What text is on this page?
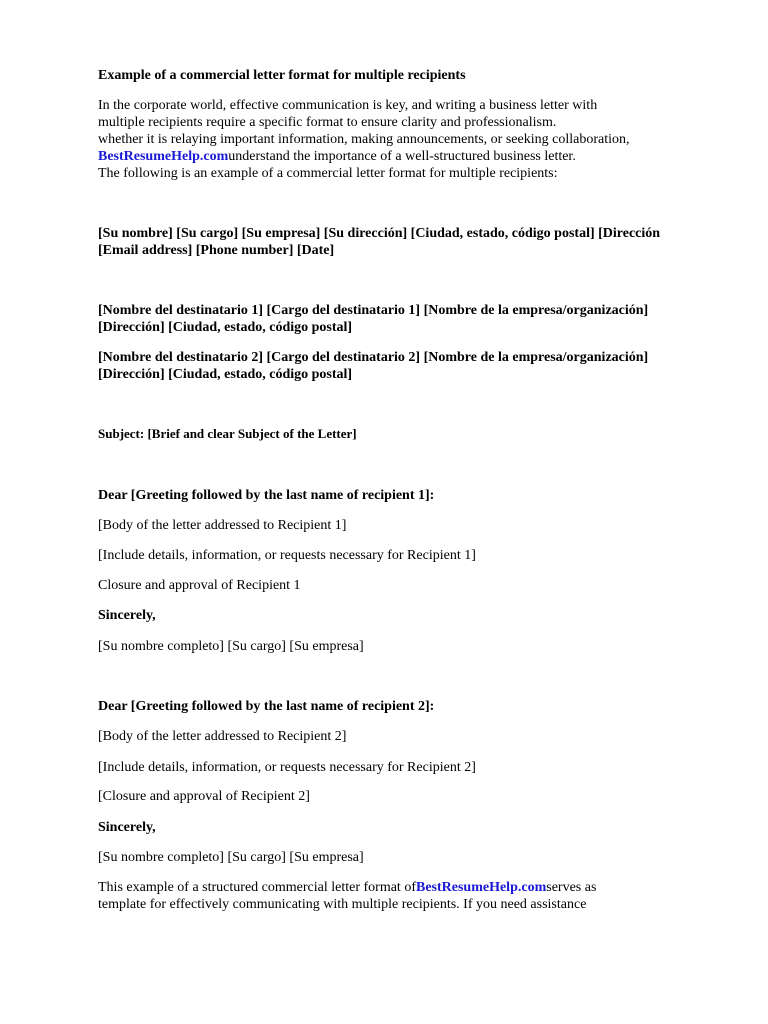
Example of a commercial letter format for multiple recipients
In the corporate world, effective communication is key, and writing a business letter with
multiple recipients require a specific format to ensure clarity and professionalism.
whether it is relaying important information, making announcements, or seeking collaboration,
BestResumeHelp.comunderstand the importance of a well-structured business letter.
The following is an example of a commercial letter format for multiple recipients:
[Su nombre] [Su cargo] [Su empresa] [Su dirección] [Ciudad, estado, código postal] [Dirección
[Email address] [Phone number] [Date]
[Nombre del destinatario 1] [Cargo del destinatario 1] [Nombre de la empresa/organización]
[Dirección] [Ciudad, estado, código postal]
[Nombre del destinatario 2] [Cargo del destinatario 2] [Nombre de la empresa/organización]
[Dirección] [Ciudad, estado, código postal]
Subject: [Brief and clear Subject of the Letter]
Dear [Greeting followed by the last name of recipient 1]:
[Body of the letter addressed to Recipient 1]
[Include details, information, or requests necessary for Recipient 1]
Closure and approval of Recipient 1
Sincerely,
[Su nombre completo] [Su cargo] [Su empresa]
Dear [Greeting followed by the last name of recipient 2]:
[Body of the letter addressed to Recipient 2]
[Include details, information, or requests necessary for Recipient 2]
[Closure and approval of Recipient 2]
Sincerely,
[Su nombre completo] [Su cargo] [Su empresa]
This example of a structured commercial letter format ofBestResumeHelp.comserves as
template for effectively communicating with multiple recipients. If you need assistance
